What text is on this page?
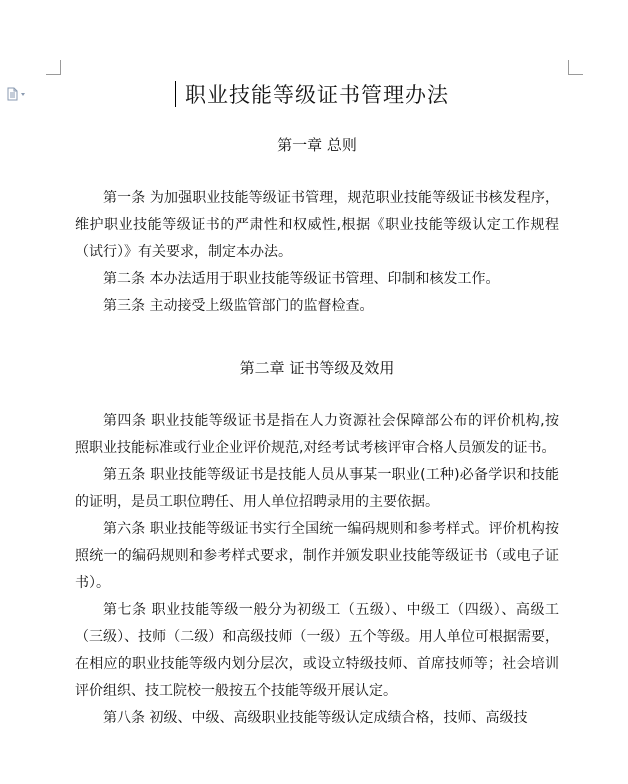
职业技能等级证书管理办法
第一章 总则

第一条 为加强职业技能等级证书管理，规范职业技能等级证书核发程序，维护职业技能等级证书的严肃性和权威性,根据《职业技能等级认定工作规程（试行）》有关要求，制定本办法。

第二条 本办法适用于职业技能等级证书管理、印制和核发工作。

第三条 主动接受上级监管部门的监督检查。

第二章 证书等级及效用

第四条 职业技能等级证书是指在人力资源社会保障部公布的评价机构,按照职业技能标准或行业企业评价规范,对经考试考核评审合格人员颁发的证书。

第五条 职业技能等级证书是技能人员从事某一职业(工种)必备学识和技能的证明，是员工职位聘任、用人单位招聘录用的主要依据。

第六条 职业技能等级证书实行全国统一编码规则和参考样式。评价机构按照统一的编码规则和参考样式要求，制作并颁发职业技能等级证书（或电子证书）。

第七条 职业技能等级一般分为初级工（五级）、中级工（四级）、高级工（三级）、技师（二级）和高级技师（一级）五个等级。用人单位可根据需要，在相应的职业技能等级内划分层次，或设立特级技师、首席技师等；社会培训评价组织、技工院校一般按五个技能等级开展认定。

第八条 初级、中级、高级职业技能等级认定成绩合格，技师、高级技
